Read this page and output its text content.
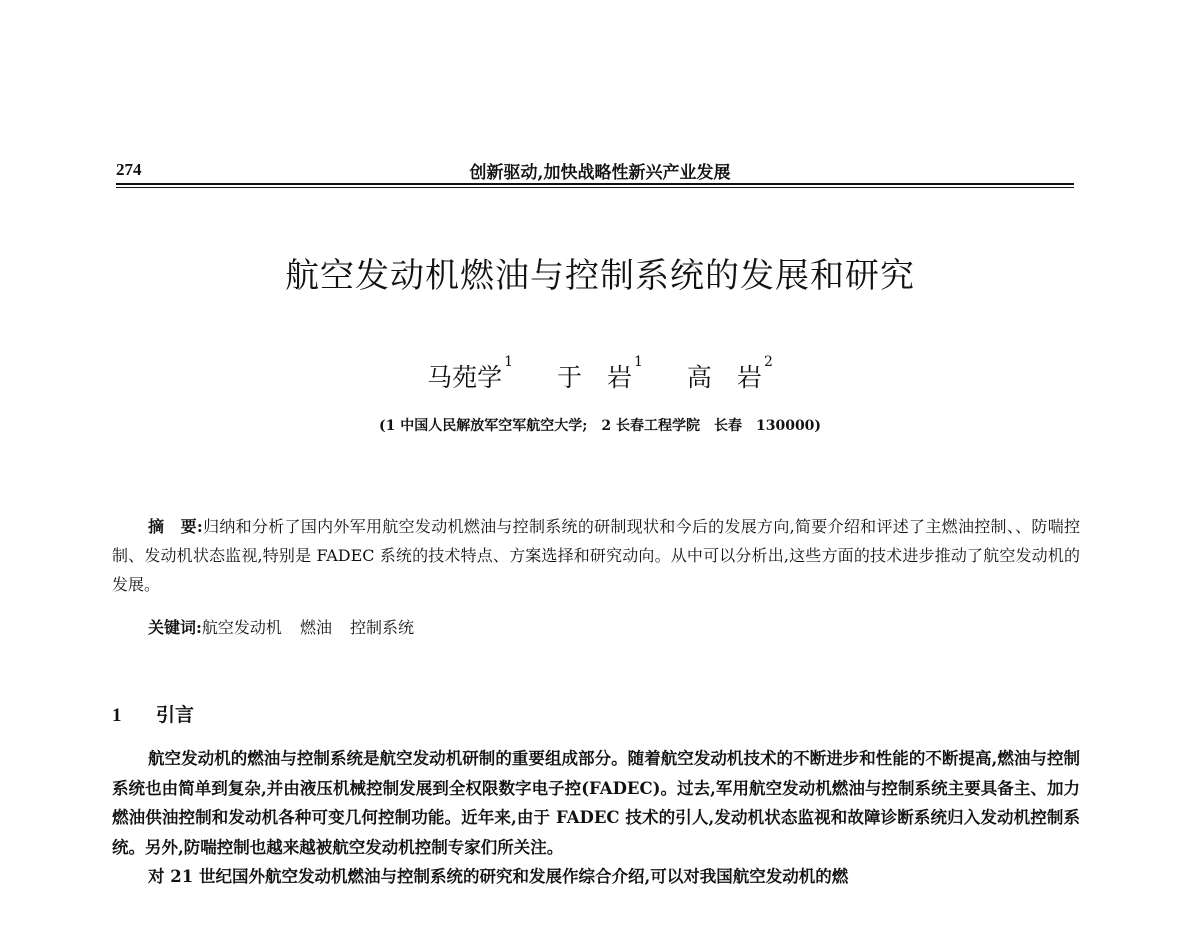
274	创新驱动,加快战略性新兴产业发展
航空发动机燃油与控制系统的发展和研究
马苑学$^1$ 于　岩$^1$ 高　岩$^2$
(1 中国人民解放军空军航空大学;　2 长春工程学院　长春　130000)

摘　要:归纳和分析了国内外军用航空发动机燃油与控制系统的研制现状和今后的发展方向,简要介绍和评述了主燃油控制、、防喘控制、发动机状态监视,特别是 FADEC 系统的技术特点、方案选择和研究动向。从中可以分析出,这些方面的技术进步推动了航空发动机的发展。

关键词:航空发动机 燃油 控制系统
1 引言

航空发动机的燃油与控制系统是航空发动机研制的重要组成部分。随着航空发动机技术的不断进步和性能的不断提高,燃油与控制系统也由简单到复杂,并由液压机械控制发展到全权限数字电子控(FADEC)。过去,军用航空发动机燃油与控制系统主要具备主、加力燃油供油控制和发动机各种可变几何控制功能。近年来,由于 FADEC 技术的引人,发动机状态监视和故障诊断系统归入发动机控制系统。另外,防喘控制也越来越被航空发动机控制专家们所关注。

对 21 世纪国外航空发动机燃油与控制系统的研究和发展作综合介绍,可以对我国航空发动机的燃
